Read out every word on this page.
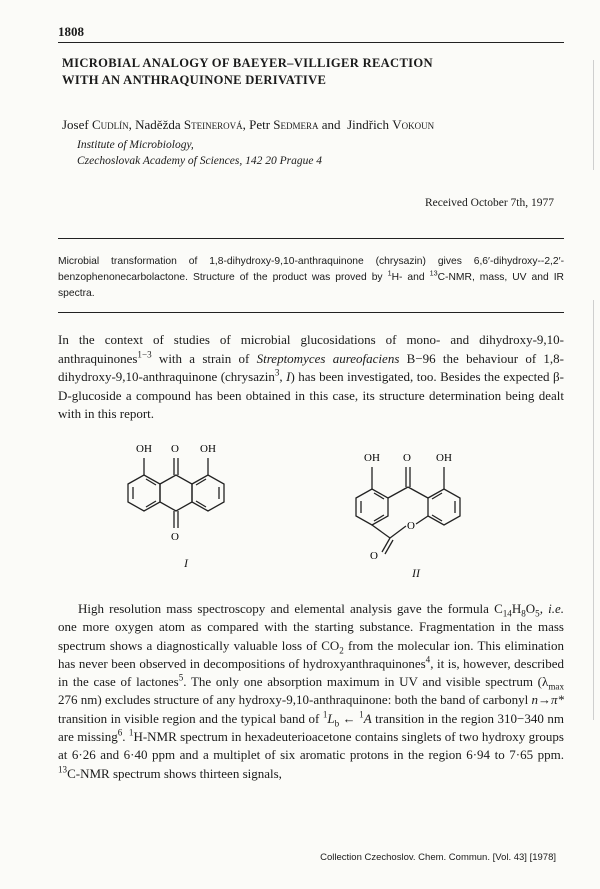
1808
MICROBIAL ANALOGY OF BAEYER–VILLIGER REACTION
WITH AN ANTHRAQUINONE DERIVATIVE
Josef Cudlín, Naděžda Steinerová, Petr Sedmera and  Jindřich Vokoun
Institute of Microbiology,
Czechoslovak Academy of Sciences, 142 20 Prague 4
Received October 7th, 1977
Microbial transformation of 1,8-dihydroxy-9,10-anthraquinone (chrysazin) gives 6,6′-dihydroxy--2,2′-benzophenonecarbolactone. Structure of the product was proved by $^1$H- and $^{13}$C-NMR, mass, UV and IR spectra.

In the context of studies of microbial glucosidations of mono- and dihydroxy-9,10-anthraquinones$^{1-3}$ with a strain of Streptomyces aureofaciens B−96 the behaviour of 1,8-dihydroxy-9,10-anthraquinone (chrysazin$^3$, I) has been investigated, too. Besides the expected β-D-glucoside a compound has been obtained in this case, its structure determination being dealt with in this report.

OH O OH
O
I
OH O OH
O
O
II

High resolution mass spectroscopy and elemental analysis gave the formula $C_{14}H_8O_5$, i.e. one more oxygen atom as compared with the starting substance. Fragmentation in the mass spectrum shows a diagnostically valuable loss of $CO_2$ from the molecular ion. This elimination has never been observed in decompositions of hydroxyanthraquinones$^4$, it is, however, described in the case of lactones$^5$. The only one absorption maximum in UV and visible spectrum ($\lambda_{max}$ 276 nm) excludes structure of any hydroxy-9,10-anthraquinone: both the band of carbonyl n→π* transition in visible region and the typical band of $^1L_b$ ← $^1$A transition in the region 310−340 nm are missing$^6$. $^1$H-NMR spectrum in hexadeuterioacetone contains singlets of two hydroxy groups at 6·26 and 6·40 ppm and a multiplet of six aromatic protons in the region 6·94 to 7·65 ppm. $^{13}$C-NMR spectrum shows thirteen signals,

Collection Czechoslov. Chem. Commun. [Vol. 43] [1978]
